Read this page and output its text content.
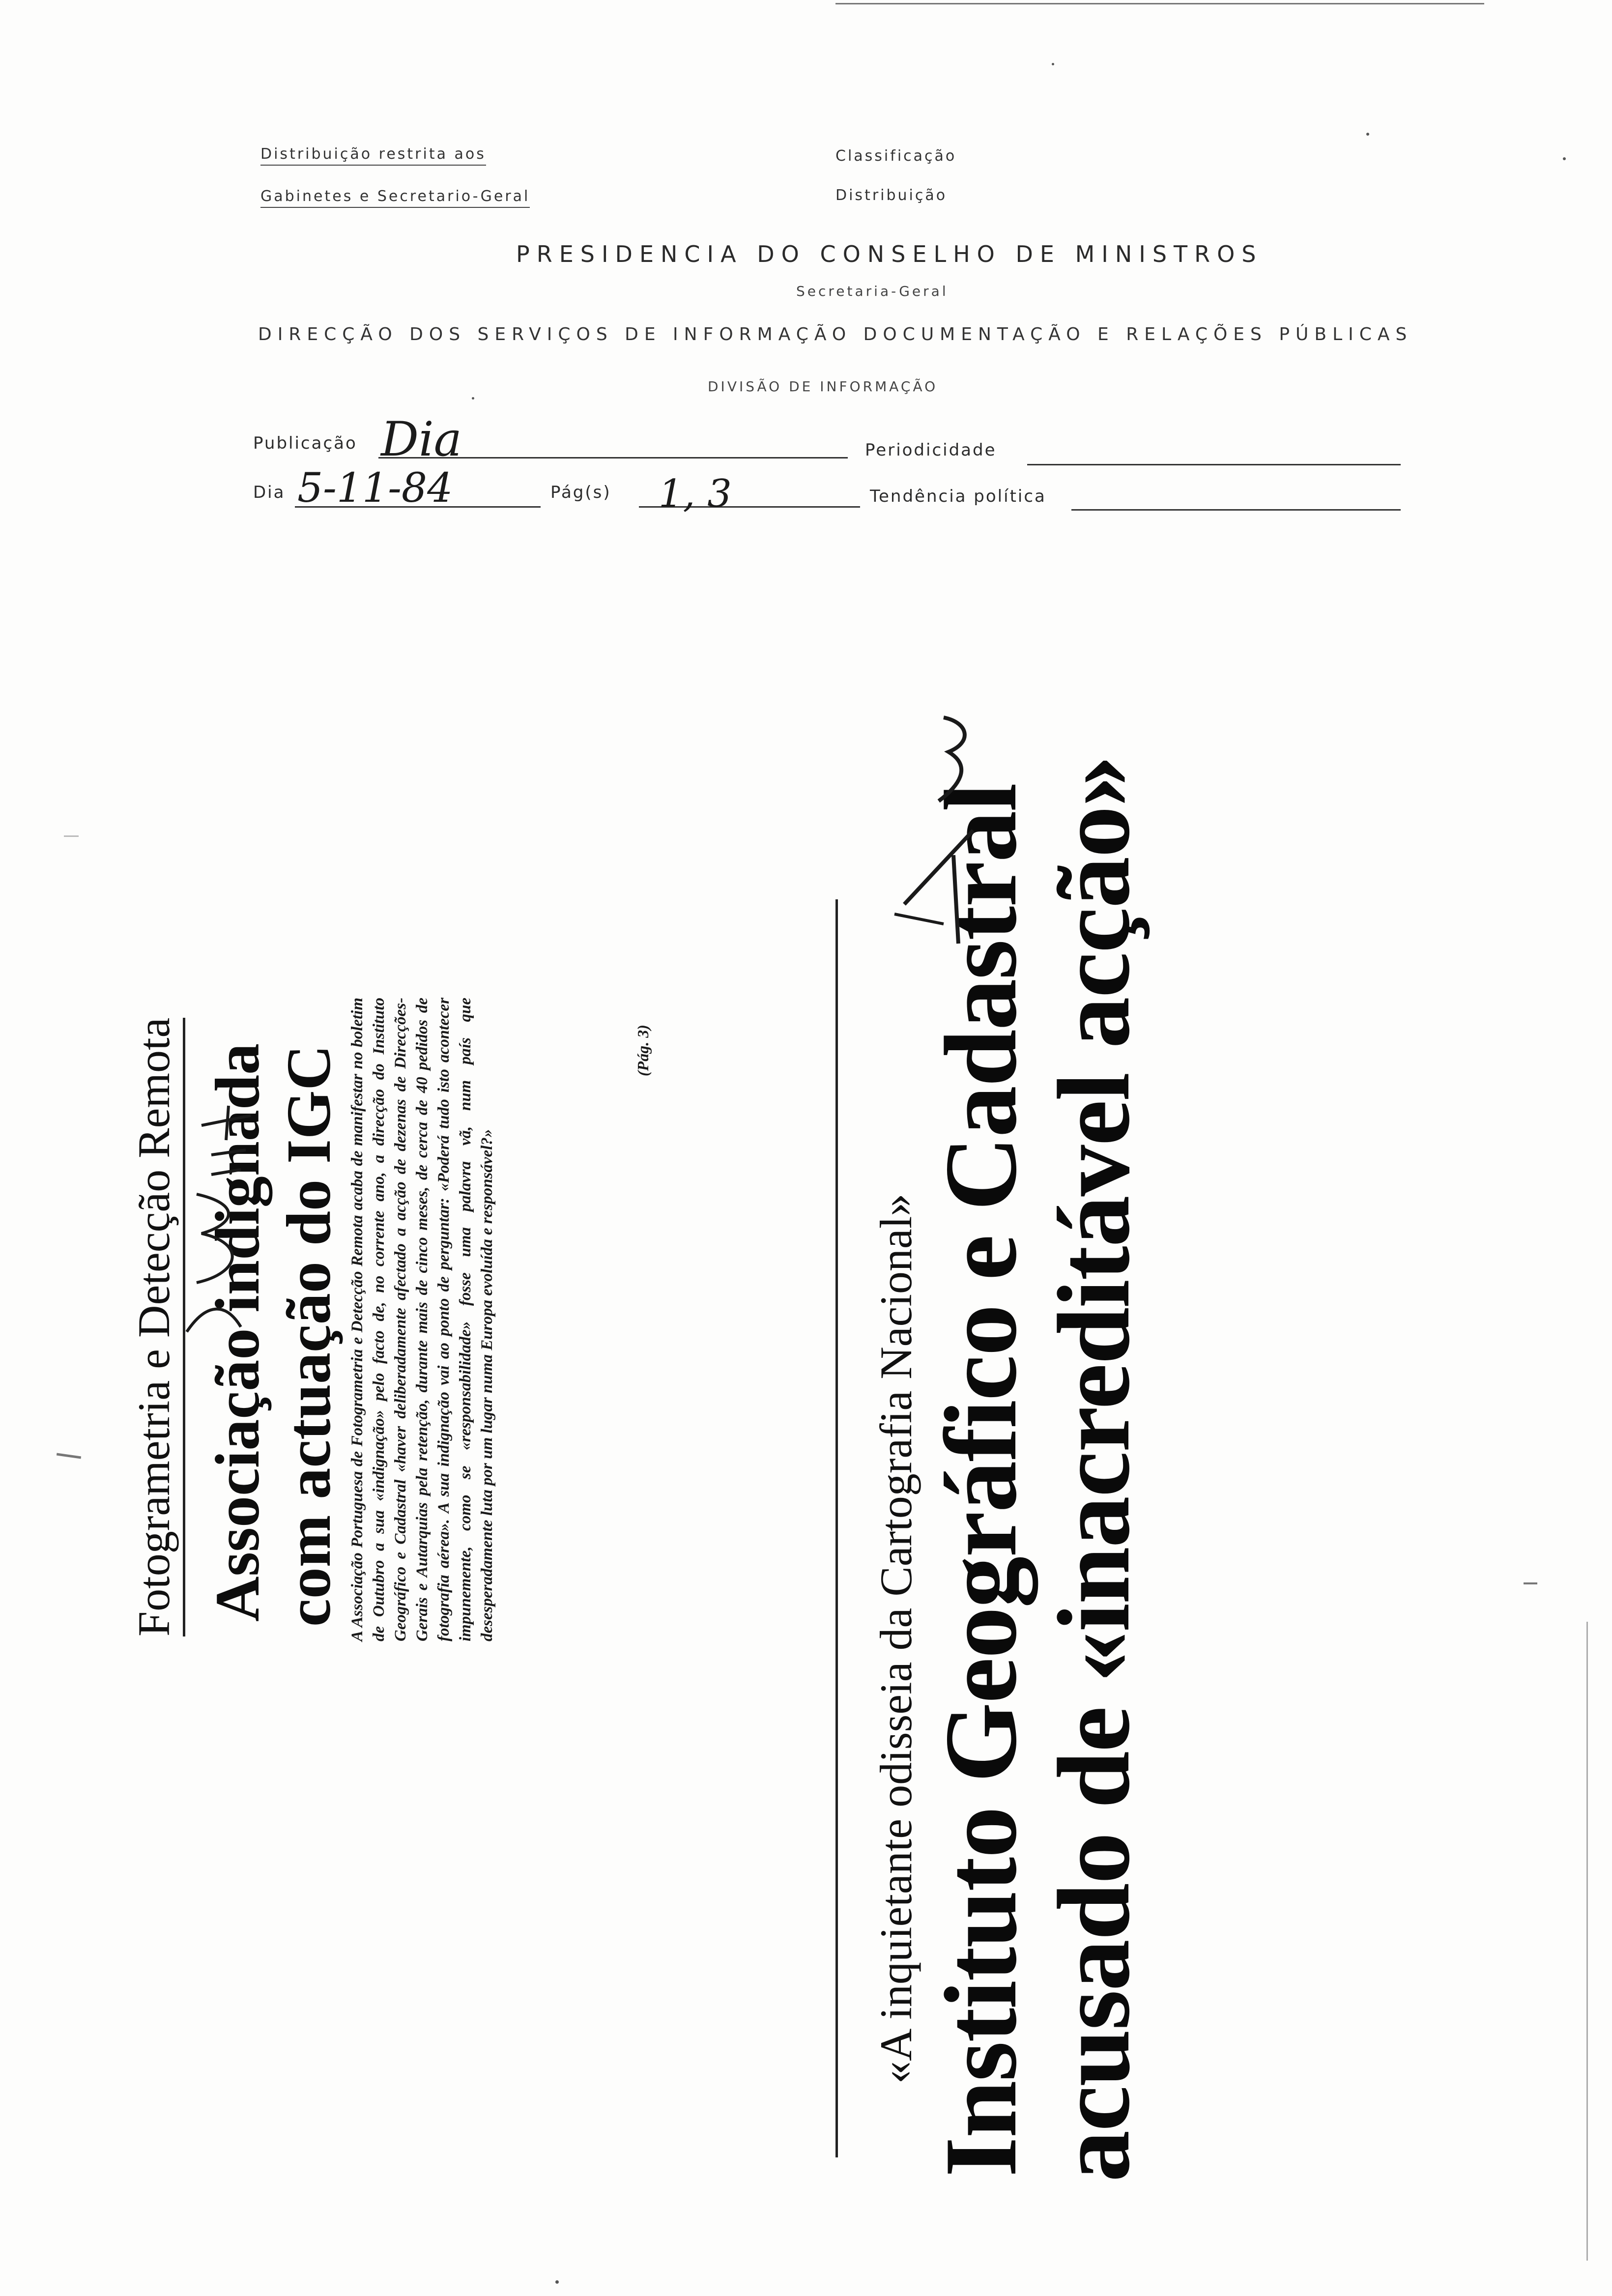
Distribuição restrita aos
Gabinetes e Secretario-Geral
Classificação
Distribuição
PRESIDENCIA DO CONSELHO DE MINISTROS
Secretaria-Geral
DIRECÇÃO DOS SERVIÇOS DE INFORMAÇÃO DOCUMENTAÇÃO E RELAÇÕES PÚBLICAS
DIVISÃO DE INFORMAÇÃO
Publicação Dia	Periodicidade
Dia 5-11-84	Pág(s) 1, 3	Tendência política
Fotogrametria e Detecção Remota Associação indignada com actuação do IGC A Associação Portuguesa de Fotogrametria e Detecção Remota acaba de manifestar no boletim de Outubro a sua «indignação» pelo facto de, no corrente ano, a direcção do Instituto Geográfico e Cadastral «haver deliberadamente afectado a acção de dezenas de Direcções-Gerais e Autarquias pela retenção, durante mais de cinco meses, de cerca de 40 pedidos de fotografia aérea». A sua indignação vai ao ponto de perguntar: «Poderá tudo isto acontecer impunemente, como se «responsabilidade» fosse uma palavra vã, num país que desesperadamente luta por um lugar numa Europa evoluída e responsável?»
(Pág. 3)
«A inquietante odisseia da Cartografia Nacional» Instituto Geográfico e Cadastral
acusado de «inacreditável acção»
